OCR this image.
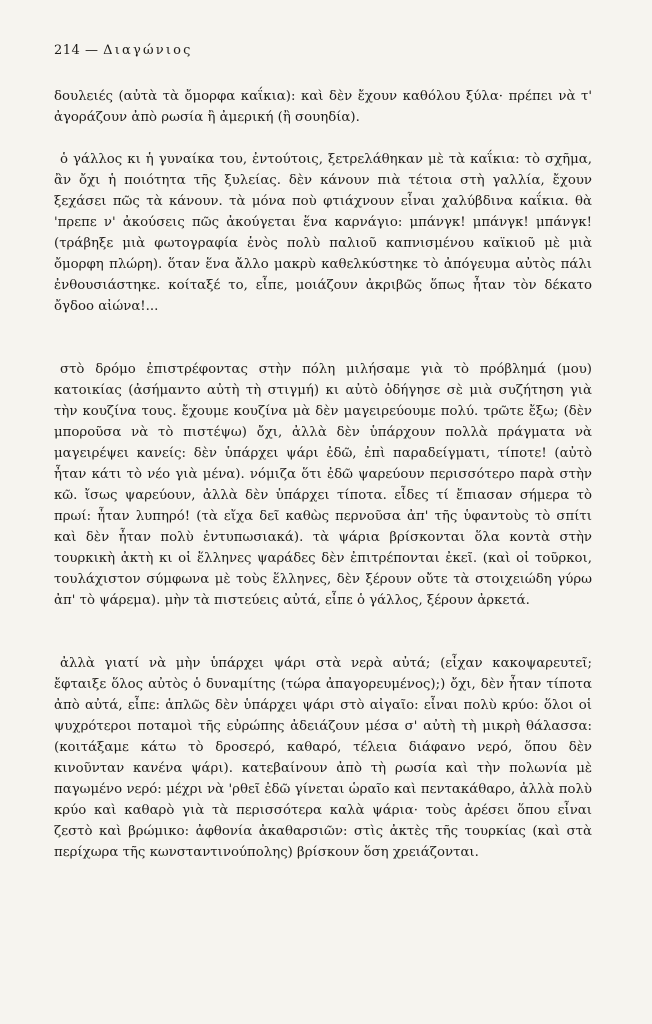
214 — Διαγώνιος

δουλειές (αὐτὰ τὰ ὄμορφα καΐκια): καὶ δὲν ἔχουν καθόλου ξύλα· πρέπει νὰ τ' ἀγοράζουν ἀπὸ ρωσία ἢ ἀμερική (ἢ σουηδία).

ὁ γάλλος κι ἡ γυναίκα του, ἐντούτοις, ξετρελάθηκαν μὲ τὰ καΐκια: τὸ σχῆμα, ἂν ὄχι ἡ ποιότητα τῆς ξυλείας. δὲν κάνουν πιὰ τέτοια στὴ γαλλία, ἔχουν ξεχάσει πῶς τὰ κάνουν. τὰ μόνα ποὺ φτιάχνουν εἶναι χαλύβδινα καΐκια. θὰ 'πρεπε ν' ἀκούσεις πῶς ἀκούγεται ἕνα καρνάγιο: μπάνγκ! μπάνγκ! μπάνγκ! (τράβηξε μιὰ φωτογραφία ἑνὸς πολὺ παλιοῦ καπνισμένου καϊκιοῦ μὲ μιὰ ὄμορφη πλώρη). ὅταν ἕνα ἄλλο μακρὺ καθελκύστηκε τὸ ἀπόγευμα αὐτὸς πάλι ἐνθουσιάστηκε. κοίταξέ το, εἶπε, μοιάζουν ἀκριβῶς ὅπως ἦταν τὸν δέκατο ὄγδοο αἰώνα!...

στὸ δρόμο ἐπιστρέφοντας στὴν πόλη μιλήσαμε γιὰ τὸ πρόβλημά (μου) κατοικίας (ἀσήμαντο αὐτὴ τὴ στιγμή) κι αὐτὸ ὁδήγησε σὲ μιὰ συζήτηση γιὰ τὴν κουζίνα τους. ἔχουμε κουζίνα μὰ δὲν μαγειρεύουμε πολύ. τρῶτε ἔξω; (δὲν μποροῦσα νὰ τὸ πιστέψω) ὄχι, ἀλλὰ δὲν ὑπάρχουν πολλὰ πράγματα νὰ μαγειρέψει κανείς: δὲν ὑπάρχει ψάρι ἐδῶ, ἐπὶ παραδείγματι, τίποτε! (αὐτὸ ἦταν κάτι τὸ νέο γιὰ μένα). νόμιζα ὅτι ἐδῶ ψαρεύουν περισσότερο παρὰ στὴν κῶ. ἴσως ψαρεύουν, ἀλλὰ δὲν ὑπάρχει τίποτα. εἶδες τί ἔπιασαν σήμερα τὸ πρωί: ἦταν λυπηρό! (τὰ εἴχα δεῖ καθὼς περνοῦσα ἀπ' τῆς ὑφαντοὺς τὸ σπίτι καὶ δὲν ἦταν πολὺ ἐντυπωσιακά). τὰ ψάρια βρίσκονται ὅλα κοντὰ στὴν τουρκικὴ ἀκτὴ κι οἱ ἕλληνες ψαράδες δὲν ἐπιτρέπονται ἐκεῖ. (καὶ οἱ τοῦρκοι, τουλάχιστον σύμφωνα μὲ τοὺς ἕλληνες, δὲν ξέρουν οὔτε τὰ στοιχειώδη γύρω ἀπ' τὸ ψάρεμα). μὴν τὰ πιστεύεις αὐτά, εἶπε ὁ γάλλος, ξέρουν ἀρκετά.

ἀλλὰ γιατί νὰ μὴν ὑπάρχει ψάρι στὰ νερὰ αὐτά; (εἶχαν κακοψαρευτεῖ; ἔφταιξε ὅλος αὐτὸς ὁ δυναμίτης (τώρα ἀπαγορευμένος);) ὄχι, δὲν ἦταν τίποτα ἀπὸ αὐτά, εἶπε: ἁπλῶς δὲν ὑπάρχει ψάρι στὸ αἰγαῖο: εἶναι πολὺ κρύο: ὅλοι οἱ ψυχρότεροι ποταμοὶ τῆς εὐρώπης ἀδειάζουν μέσα σ' αὐτὴ τὴ μικρὴ θάλασσα: (κοιτάξαμε κάτω τὸ δροσερό, καθαρό, τέλεια διάφανο νερό, ὅπου δὲν κινοῦνταν κανένα ψάρι). κατεβαίνουν ἀπὸ τὴ ρωσία καὶ τὴν πολωνία μὲ παγωμένο νερό: μέχρι νὰ 'ρθεῖ ἐδῶ γίνεται ὡραῖο καὶ πεντακάθαρο, ἀλλὰ πολὺ κρύο καὶ καθαρὸ γιὰ τὰ περισσότερα καλὰ ψάρια· τοὺς ἀρέσει ὅπου εἶναι ζεστὸ καὶ βρώμικο: ἀφθονία ἀκαθαρσιῶν: στὶς ἀκτὲς τῆς τουρκίας (καὶ στὰ περίχωρα τῆς κωνσταντινούπολης) βρίσκουν ὅση χρειάζονται.
